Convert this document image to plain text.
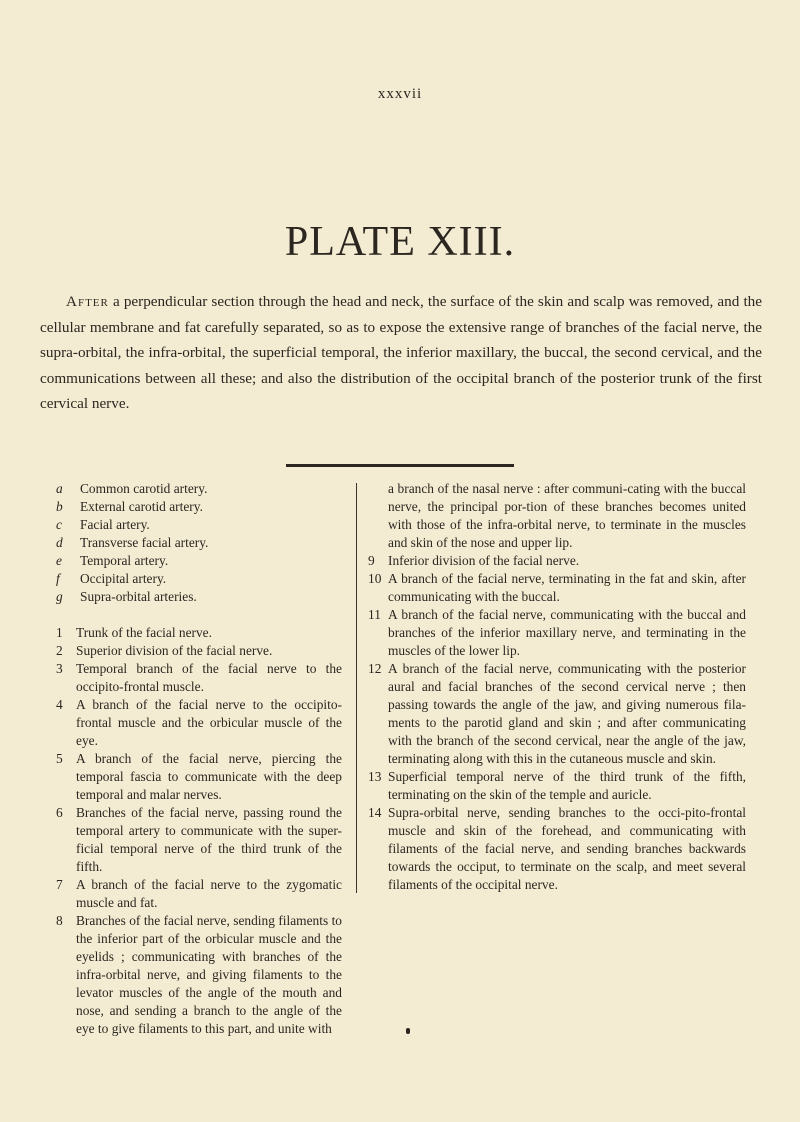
xxxvii
PLATE XIII.

After a perpendicular section through the head and neck, the surface of the skin and scalp was removed, and the cellular membrane and fat carefully separated, so as to expose the extensive range of branches of the facial nerve, the supra-orbital, the infra-orbital, the superficial temporal, the inferior maxillary, the buccal, the second cervical, and the communications between all these; and also the distribution of the occipital branch of the posterior trunk of the first cervical nerve.

a	Common carotid artery.
b	External carotid artery.
c	Facial artery.
d	Transverse facial artery.
e	Temporal artery.
f	Occipital artery.
g	Supra-orbital arteries.
1 Trunk of the facial nerve.
2 Superior division of the facial nerve.
3 Temporal branch of the facial nerve to the occipito-frontal muscle.
4 A branch of the facial nerve to the occipito-frontal muscle and the orbicular muscle of the eye.
5 A branch of the facial nerve, piercing the temporal fascia to communicate with the deep temporal and malar nerves.
6 Branches of the facial nerve, passing round the temporal artery to communicate with the super-ficial temporal nerve of the third trunk of the fifth.
7 A branch of the facial nerve to the zygomatic muscle and fat.
8 Branches of the facial nerve, sending filaments to the inferior part of the orbicular muscle and the eyelids ; communicating with branches of the infra-orbital nerve, and giving filaments to the levator muscles of the angle of the mouth and nose, and sending a branch to the angle of the eye to give filaments to this part, and unite with
a branch of the nasal nerve : after communi-cating with the buccal nerve, the principal por-tion of these branches becomes united with those of the infra-orbital nerve, to terminate in the muscles and skin of the nose and upper lip.
9 Inferior division of the facial nerve.
10 A branch of the facial nerve, terminating in the fat and skin, after communicating with the buccal.
11 A branch of the facial nerve, communicating with the buccal and branches of the inferior maxillary nerve, and terminating in the muscles of the lower lip.
12 A branch of the facial nerve, communicating with the posterior aural and facial branches of the second cervical nerve ; then passing towards the angle of the jaw, and giving numerous fila-ments to the parotid gland and skin ; and after communicating with the branch of the second cervical, near the angle of the jaw, terminating along with this in the cutaneous muscle and skin.
13 Superficial temporal nerve of the third trunk of the fifth, terminating on the skin of the temple and auricle.
14 Supra-orbital nerve, sending branches to the occi-pito-frontal muscle and skin of the forehead, and communicating with filaments of the facial nerve, and sending branches backwards towards the occiput, to terminate on the scalp, and meet several filaments of the occipital nerve.
